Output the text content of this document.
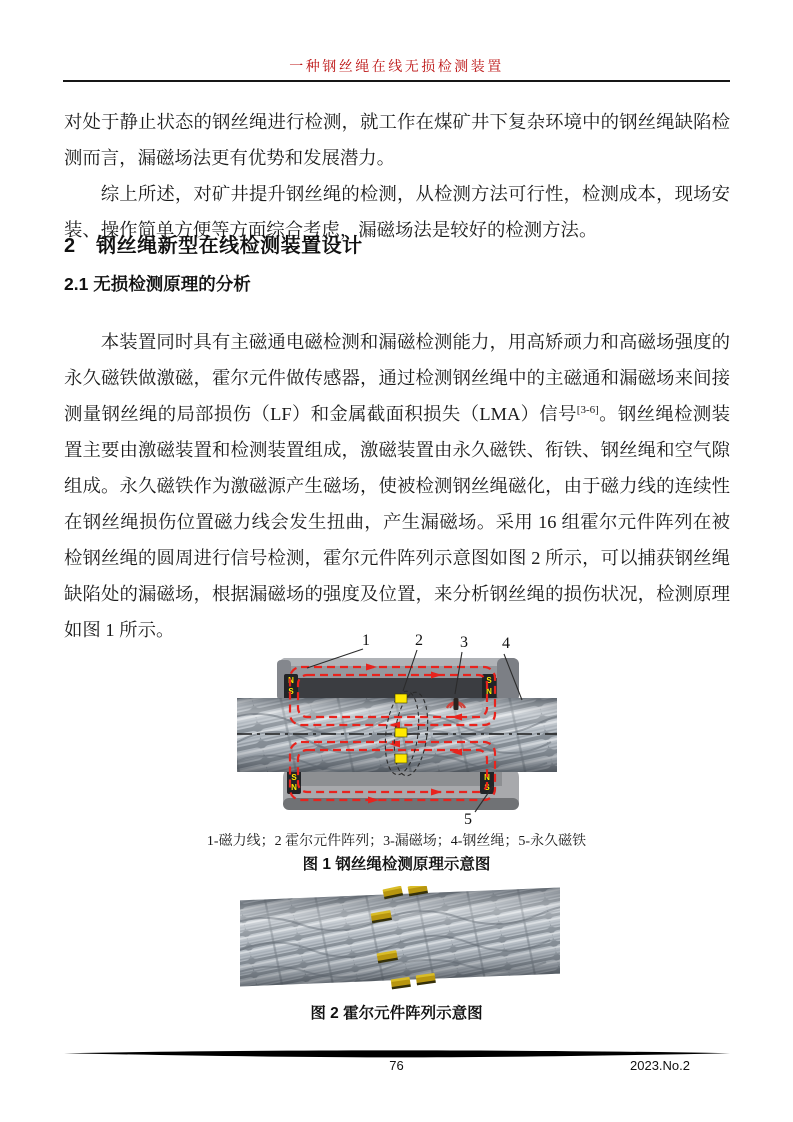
一种钢丝绳在线无损检测装置

对处于静止状态的钢丝绳进行检测，就工作在煤矿井下复杂环境中的钢丝绳缺陷检测而言，漏磁场法更有优势和发展潜力。

综上所述，对矿井提升钢丝绳的检测，从检测方法可行性，检测成本，现场安装、操作简单方便等方面综合考虑，漏磁场法是较好的检测方法。

2　钢丝绳新型在线检测装置设计
2.1 无损检测原理的分析

本装置同时具有主磁通电磁检测和漏磁检测能力，用高矫顽力和高磁场强度的永久磁铁做激磁，霍尔元件做传感器，通过检测钢丝绳中的主磁通和漏磁场来间接测量钢丝绳的局部损伤（LF）和金属截面积损失（LMA）信号[3-6]。钢丝绳检测装置主要由激磁装置和检测装置组成，激磁装置由永久磁铁、衔铁、钢丝绳和空气隙组成。永久磁铁作为激磁源产生磁场，使被检测钢丝绳磁化，由于磁力线的连续性在钢丝绳损伤位置磁力线会发生扭曲，产生漏磁场。采用 16 组霍尔元件阵列在被检钢丝绳的圆周进行信号检测，霍尔元件阵列示意图如图 2 所示，可以捕获钢丝绳缺陷处的漏磁场，根据漏磁场的强度及位置，来分析钢丝绳的损伤状况，检测原理如图 1 所示。

N
S
S
N
S
N
N
S
1	2 3 4
5
1-磁力线；2 霍尔元件阵列；3-漏磁场；4-钢丝绳；5-永久磁铁
图 1 钢丝绳检测原理示意图
图 2 霍尔元件阵列示意图
76	2023.No.2
